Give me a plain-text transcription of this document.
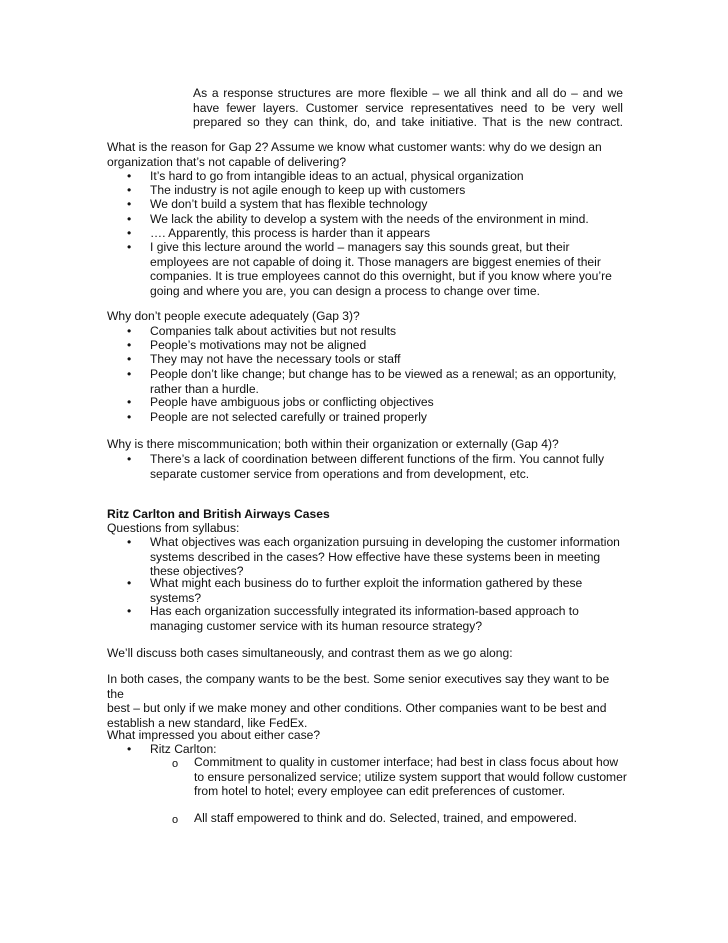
As a response structures are more flexible – we all think and all do – and we
have fewer layers. Customer service representatives need to be very well
prepared so they can think, do, and take initiative. That is the new contract.
What is the reason for Gap 2? Assume we know what customer wants: why do we design an
organization that’s not capable of delivering?
•	It’s hard to go from intangible ideas to an actual, physical organization
•	The industry is not agile enough to keep up with customers
•	We don’t build a system that has flexible technology
•	We lack the ability to develop a system with the needs of the environment in mind.
•	…. Apparently, this process is harder than it appears
•	I give this lecture around the world – managers say this sounds great, but their
employees are not capable of doing it. Those managers are biggest enemies of their
companies. It is true employees cannot do this overnight, but if you know where you’re
going and where you are, you can design a process to change over time.
Why don’t people execute adequately (Gap 3)?
•	Companies talk about activities but not results
•	People’s motivations may not be aligned
•	They may not have the necessary tools or staff
•	People don’t like change; but change has to be viewed as a renewal; as an opportunity,
rather than a hurdle.
•	People have ambiguous jobs or conflicting objectives
•	People are not selected carefully or trained properly
Why is there miscommunication; both within their organization or externally (Gap 4)?
•	There’s a lack of coordination between different functions of the firm. You cannot fully
separate customer service from operations and from development, etc.
Ritz Carlton and British Airways Cases
Questions from syllabus:
•	What objectives was each organization pursuing in developing the customer information
systems described in the cases? How effective have these systems been in meeting
these objectives?
•	What might each business do to further exploit the information gathered by these
systems?
•	Has each organization successfully integrated its information-based approach to
managing customer service with its human resource strategy?
We’ll discuss both cases simultaneously, and contrast them as we go along:
In both cases, the company wants to be the best. Some senior executives say they want to be the
best – but only if we make money and other conditions. Other companies want to be best and
establish a new standard, like FedEx.
What impressed you about either case?
•	Ritz Carlton:
o	Commitment to quality in customer interface; had best in class focus about how
to ensure personalized service; utilize system support that would follow customer
from hotel to hotel; every employee can edit preferences of customer.
o	All staff empowered to think and do. Selected, trained, and empowered.
